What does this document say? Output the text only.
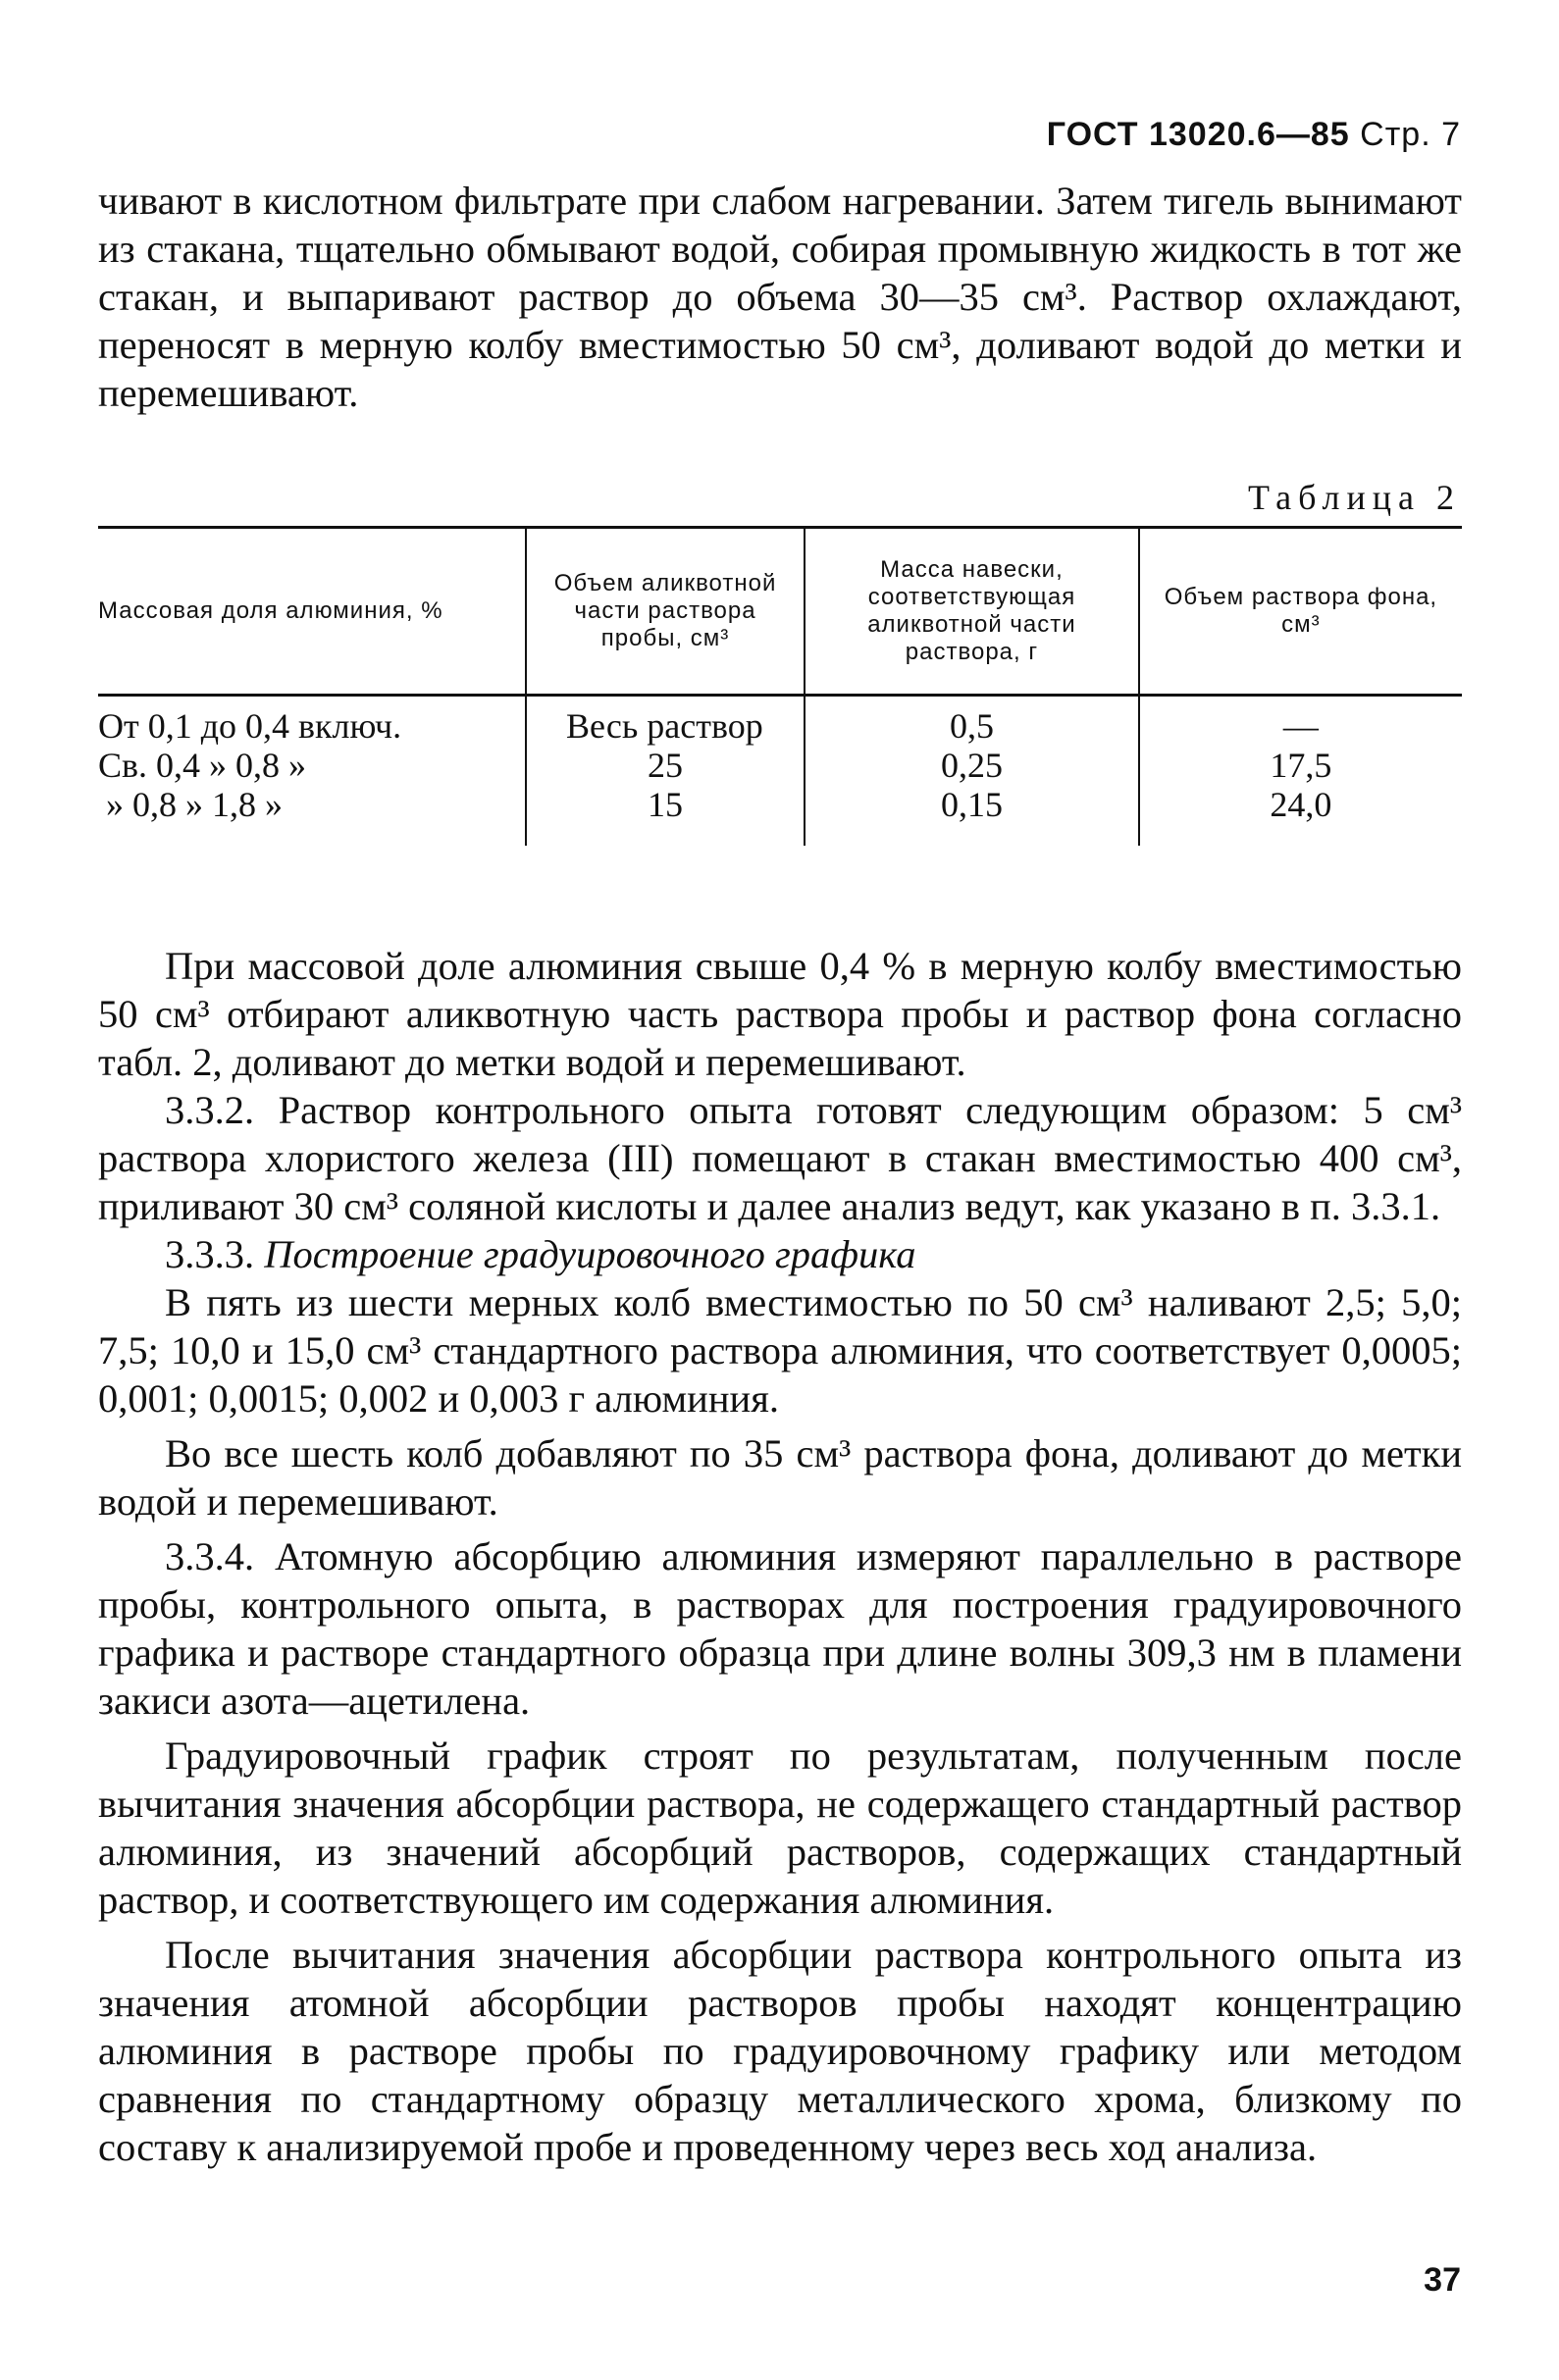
ГОСТ 13020.6—85 Стр. 7

чивают в кислотном фильтрате при слабом нагревании. Затем тигель вынимают из стакана, тщательно обмывают водой, собирая промывную жидкость в тот же стакан, и выпаривают раствор до объема 30—35 см³. Раствор охлаждают, переносят в мерную колбу вместимостью 50 см³, доливают водой до метки и перемешивают.

Таблица 2
Массовая доля алюминия, %	Объем аликвотной части раствора пробы, см³	Масса навески, соответствующая аликвотной части раствора, г	Объем раствора фона, см³

От 0,1 до 0,4 включ.	Весь раствор	0,5	—
Св. 0,4 » 0,8 »	25	0,25	17,5
» 0,8 » 1,8 »	15	0,15	24,0

При массовой доле алюминия свыше 0,4 % в мерную колбу вместимостью 50 см³ отбирают аликвотную часть раствора пробы и раствор фона согласно табл. 2, доливают до метки водой и перемешивают.

3.3.2. Раствор контрольного опыта готовят следующим образом: 5 см³ раствора хлористого железа (III) помещают в стакан вместимостью 400 см³, приливают 30 см³ соляной кислоты и далее анализ ведут, как указано в п. 3.3.1.

3.3.3. Построение градуировочного графика

В пять из шести мерных колб вместимостью по 50 см³ наливают 2,5; 5,0; 7,5; 10,0 и 15,0 см³ стандартного раствора алюминия, что соответствует 0,0005; 0,001; 0,0015; 0,002 и 0,003 г алюминия.

Во все шесть колб добавляют по 35 см³ раствора фона, доливают до метки водой и перемешивают.

3.3.4. Атомную абсорбцию алюминия измеряют параллельно в растворе пробы, контрольного опыта, в растворах для построения градуировочного графика и растворе стандартного образца при длине волны 309,3 нм в пламени закиси азота—ацетилена.

Градуировочный график строят по результатам, полученным после вычитания значения абсорбции раствора, не содержащего стандартный раствор алюминия, из значений абсорбций растворов, содержащих стандартный раствор, и соответствующего им содержания алюминия.

После вычитания значения абсорбции раствора контрольного опыта из значения атомной абсорбции растворов пробы находят концентрацию алюминия в растворе пробы по градуировочному графику или методом сравнения по стандартному образцу металлического хрома, близкому по составу к анализируемой пробе и проведенному через весь ход анализа.

37
